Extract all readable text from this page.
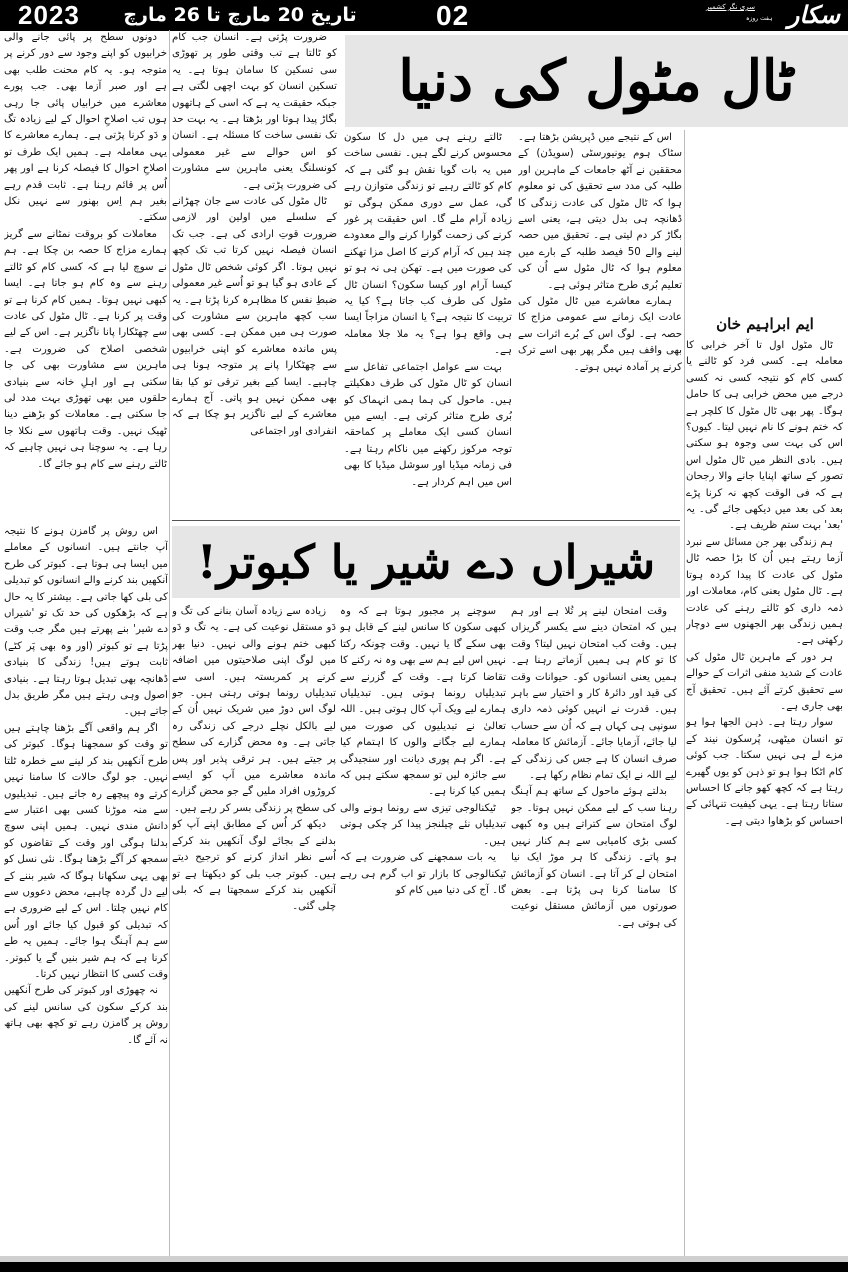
2023	تاریخ 20 مارچ تا 26 مارچ	02	سری نگر کشمیر
ہفت روزہ سکار
ٹال مٹول کی دنیا
ایم ابراہیم خان

ٹال مٹول اول تا آخر خرابی کا معاملہ ہے۔ کسی فرد کو ٹالنے یا کسی کام کو نتیجہ کسی نہ کسی درجے میں محض خرابی ہی کا حامل ہوگا۔ پھر بھی ٹال مٹول کا کلچر ہے کہ ختم ہونے کا نام نہیں لیتا۔ کیوں؟ اس کی بہت سی وجوہ ہو سکتی ہیں۔ بادی النظر میں ٹال مٹول اس تصور کے ساتھ اپنایا جانے والا رجحان ہے کہ فی الوقت کچھ نہ کرنا پڑے بعد کی بعد میں دیکھی جائے گی۔ یہ 'بعد' بہت ستم ظریف ہے۔

ہم زندگی بھر جن مسائل سے نبرد آزما رہتے ہیں اُن کا بڑا حصہ ٹال مٹول کی عادت کا پیدا کردہ ہوتا ہے۔ ٹال مٹول یعنی کام، معاملات اور ذمہ داری کو ٹالتے رہنے کی عادت ہمیں زندگی بھر الجھنوں سے دوچار رکھتی ہے۔

ہر دور کے ماہرین ٹال مٹول کی عادت کے شدید منفی اثرات کے حوالے سے تحقیق کرتے آئے ہیں۔ تحقیق آج بھی جاری ہے۔

سوار رہتا ہے۔ ذہن الجھا ہوا ہو تو انسان میٹھی، پُرسکون نیند کے مزے لے ہی نہیں سکتا۔ جب کوئی کام اٹکا ہوا ہو تو ذہن کو یوں گھیرے رہتا ہے کہ کچھ کھو جانے کا احساس ستاتا رہتا ہے۔ یہی کیفیت تنہائی کے احساس کو بڑھاوا دیتی ہے۔

اس کے نتیجے میں ڈپریشن بڑھتا ہے۔ سٹاک ہوم یونیورسٹی (سویڈن) کے محققین نے آٹھ جامعات کے ماہرین اور طلبہ کی مدد سے تحقیق کی تو معلوم ہوا کہ ٹال مٹول کی عادت زندگی کا ڈھانچہ ہی بدل دیتی ہے، یعنی اسے بگاڑ کر دم لیتی ہے۔ تحقیق میں حصہ لینے والے 50 فیصد طلبہ کے بارے میں معلوم ہوا کہ ٹال مٹول سے اُن کی تعلیم بُری طرح متاثر ہوئی ہے۔

ہمارے معاشرے میں ٹال مٹول کی عادت ایک زمانے سے عمومی مزاج کا حصہ ہے۔ لوگ اس کے بُرے اثرات سے بھی واقف ہیں مگر پھر بھی اسے ترک کرنے پر آمادہ نہیں ہوتے۔

ٹالتے رہنے ہی میں دل کا سکون محسوس کرنے لگے ہیں۔ نفسی ساخت میں یہ بات گویا نقش ہو گئی ہے کہ کام کو ٹالتے رہیے تو زندگی متوازن رہے گی، عمل سے دوری ممکن ہوگی تو زیادہ آرام ملے گا۔ اس حقیقت پر غور کرنے کی زحمت گوارا کرنے والے معدودے چند ہیں کہ آرام کرنے کا اصل مزا تھکنے کی صورت میں ہے۔ تھکن ہی نہ ہو تو کیسا آرام اور کیسا سکون؟ انسان ٹال مٹول کی طرف کب جاتا ہے؟ کیا یہ تربیت کا نتیجہ ہے؟ یا انسان مزاجاً ایسا ہی واقع ہوا ہے؟ یہ ملا جلا معاملہ ہے۔

بہت سے عوامل اجتماعی تفاعل سے انسان کو ٹال مٹول کی طرف دھکیلتے ہیں۔ ماحول کی ہما ہمی انہماک کو بُری طرح متاثر کرتی ہے۔ ایسے میں انسان کسی ایک معاملے پر کماحقہ توجہ مرکوز رکھنے میں ناکام رہتا ہے۔ فی زمانہ میڈیا اور سوشل میڈیا کا بھی اس میں اہم کردار ہے۔

ضرورت پڑتی ہے۔ انسان جب کام کو ٹالتا ہے تب وقتی طور پر تھوڑی سی تسکین کا سامان ہوتا ہے۔ یہ تسکین انسان کو بہت اچھی لگتی ہے جبکہ حقیقت یہ ہے کہ اسی کے ہاتھوں بگاڑ پیدا ہوتا اور بڑھتا ہے۔ یہ بہت حد تک نفسی ساخت کا مسئلہ ہے۔ انسان کو اس حوالے سے غیر معمولی کونسلنگ یعنی ماہرین سے مشاورت کی ضرورت پڑتی ہے۔

ٹال مٹول کی عادت سے جان چھڑانے کے سلسلے میں اولین اور لازمی ضرورت قوتِ ارادی کی ہے۔ جب تک انسان فیصلہ نہیں کرتا تب تک کچھ نہیں ہوتا۔ اگر کوئی شخص ٹال مٹول کے عادی ہو گیا ہو تو اُسے غیر معمولی ضبطِ نفس کا مظاہرہ کرنا پڑتا ہے۔ یہ سب کچھ ماہرین سے مشاورت کی صورت ہی میں ممکن ہے۔ کسی بھی پس ماندہ معاشرے کو اپنی خرابیوں سے چھٹکارا پانے پر متوجہ ہونا ہی چاہیے۔ ایسا کیے بغیر ترقی تو کیا بقا بھی ممکن نہیں ہو پاتی۔ آج ہمارے معاشرے کے لیے ناگزیر ہو چکا ہے کہ انفرادی اور اجتماعی

دونوں سطح پر پائی جانے والی خرابیوں کو اپنے وجود سے دور کرنے پر متوجہ ہو۔ یہ کام محنت طلب بھی ہے اور صبر آزما بھی۔ جب پورے معاشرے میں خرابیاں پائی جا رہی ہوں تب اصلاحِ احوال کے لیے زیادہ تگ و دَو کرنا پڑتی ہے۔ ہمارے معاشرے کا یہی معاملہ ہے۔ ہمیں ایک طرف تو اصلاحِ احوال کا فیصلہ کرنا ہے اور پھر اُس پر قائم رہنا ہے۔ ثابت قدم رہے بغیر ہم اِس بھنور سے نہیں نکل سکتے۔

معاملات کو بروقت نمٹانے سے گریز ہمارے مزاج کا حصہ بن چکا ہے۔ ہم نے سوچ لیا ہے کہ کسی کام کو ٹالتے رہنے سے وہ کام ہو جاتا ہے۔ ایسا کبھی نہیں ہوتا۔ ہمیں کام کرنا ہے تو وقت پر کرنا ہے۔ ٹال مٹول کی عادت سے چھٹکارا پانا ناگزیر ہے۔ اس کے لیے شخصی اصلاح کی ضرورت ہے۔ ماہرین سے مشاورت بھی کی جا سکتی ہے اور اہلِ خانہ سے بنیادی حلقوں میں بھی تھوڑی بہت مدد لی جا سکتی ہے۔ معاملات کو بڑھنے دینا ٹھیک نہیں۔ وقت ہاتھوں سے نکلا جا رہا ہے۔ یہ سوچنا ہی نہیں چاہیے کہ ٹالتے رہنے سے کام ہو جائے گا۔

شیراں دے شیر یا کبوتر!

وقت امتحان لینے پر تُلا ہے اور ہم ہیں کہ امتحان دینے سے یکسر گریزاں ہیں۔ وقت کب امتحان نہیں لیتا؟ وقت کا تو کام ہی ہمیں آزماتے رہنا ہے۔ ہمیں یعنی انسانوں کو۔ حیوانات وقت کی قید اور دائرۂ کار و اختیار سے باہر ہیں۔ قدرت نے انہیں کوئی ذمہ داری سونپی ہی کہاں ہے کہ اُن سے حساب لیا جائے، آزمایا جائے۔ آزمائش کا معاملہ صرف انسان کا ہے جس کی زندگی کے لیے اللہ نے ایک تمام نظام رکھا ہے۔

بدلتے ہوئے ماحول کے ساتھ ہم آہنگ رہنا سب کے لیے ممکن نہیں ہوتا۔ جو لوگ امتحان سے کتراتے ہیں وہ کبھی کسی بڑی کامیابی سے ہم کنار نہیں ہو پاتے۔ زندگی کا ہر موڑ ایک نیا امتحان لے کر آتا ہے۔ انسان کو آزمائش کا سامنا کرنا ہی پڑتا ہے۔ بعض صورتوں میں آزمائش مستقل نوعیت کی ہوتی ہے۔

سوچنے پر مجبور ہوتا ہے کہ وہ کبھی سکون کا سانس لینے کے قابل ہو بھی سکے گا یا نہیں۔ وقت چونکہ رکتا نہیں اس لیے ہم سے بھی وہ نہ رکنے کا تقاضا کرتا ہے۔ وقت کے گزرنے سے تبدیلیاں رونما ہوتی ہیں۔ تبدیلیاں ہمارے لیے ویک اَپ کال ہوتی ہیں۔ اللہ تعالیٰ نے تبدیلیوں کی صورت میں ہمارے لیے جگانے والوں کا اہتمام کیا ہے۔ اگر ہم پوری دیانت اور سنجیدگی سے جائزہ لیں تو سمجھ سکتے ہیں کہ ہمیں کیا کرنا ہے۔

ٹیکنالوجی تیزی سے رونما ہونے والی تبدیلیاں نئے چیلنجز پیدا کر چکی ہوتی ہیں۔

یہ بات سمجھنے کی ضرورت ہے کہ ٹیکنالوجی کا بازار تو اب گرم ہی رہے گا۔ آج کی دنیا میں کام کو

زیادہ سے زیادہ آسان بنانے کی تگ و دَو مستقل نوعیت کی ہے۔ یہ تگ و دَو کبھی ختم ہونے والی نہیں۔ دنیا بھر میں لوگ اپنی صلاحیتوں میں اضافہ کرنے پر کمربستہ ہیں۔ اسی سے تبدیلیاں رونما ہوتی رہتی ہیں۔ جو لوگ اس دوڑ میں شریک نہیں اُن کے لیے بالکل نچلے درجے کی زندگی رہ جاتی ہے۔ وہ محض گزارے کی سطح پر جیتے ہیں۔ ہر ترقی پذیر اور پس ماندہ معاشرے میں آپ کو ایسے کروڑوں افراد ملیں گے جو محض گزارے کی سطح پر زندگی بسر کر رہے ہیں۔

دیکھ کر اُس کے مطابق اپنے آپ کو بدلنے کے بجائے لوگ آنکھیں بند کرکے اُسے نظر انداز کرنے کو ترجیح دیتے ہیں۔ کبوتر جب بلی کو دیکھتا ہے تو آنکھیں بند کرکے سمجھتا ہے کہ بلی چلی گئی۔

اس روش پر گامزن ہونے کا نتیجہ آپ جانتے ہیں۔ انسانوں کے معاملے میں ایسا ہی ہوتا ہے۔ کبوتر کی طرح آنکھیں بند کرنے والے انسانوں کو تبدیلی کی بلی کھا جاتی ہے۔ بیشتر کا یہ حال ہے کہ بڑھکوں کی حد تک تو 'شیراں دے شیر' بنے پھرتے ہیں مگر جب وقت پڑتا ہے تو کبوتر (اور وہ بھی پَر کٹے) ثابت ہوتے ہیں! زندگی کا بنیادی ڈھانچہ بھی تبدیل ہوتا رہتا ہے۔ بنیادی اصول وہی رہتے ہیں مگر طریق بدل جاتے ہیں۔

اگر ہم واقعی آگے بڑھنا چاہتے ہیں تو وقت کو سمجھنا ہوگا۔ کبوتر کی طرح آنکھیں بند کر لینے سے خطرہ ٹلتا نہیں۔ جو لوگ حالات کا سامنا نہیں کرتے وہ پیچھے رہ جاتے ہیں۔ تبدیلیوں سے منہ موڑنا کسی بھی اعتبار سے دانش مندی نہیں۔ ہمیں اپنی سوچ بدلنا ہوگی اور وقت کے تقاضوں کو سمجھ کر آگے بڑھنا ہوگا۔ نئی نسل کو بھی یہی سکھانا ہوگا کہ شیر بننے کے لیے دل گردہ چاہیے، محض دعووں سے کام نہیں چلتا۔ اس کے لیے ضروری ہے کہ تبدیلی کو قبول کیا جائے اور اُس سے ہم آہنگ ہوا جائے۔ ہمیں یہ طے کرنا ہے کہ ہم شیر بنیں گے یا کبوتر۔ وقت کسی کا انتظار نہیں کرتا۔

نہ چھوڑی اور کبوتر کی طرح آنکھیں بند کرکے سکون کی سانس لینے کی روش پر گامزن رہے تو کچھ بھی ہاتھ نہ آئے گا۔
